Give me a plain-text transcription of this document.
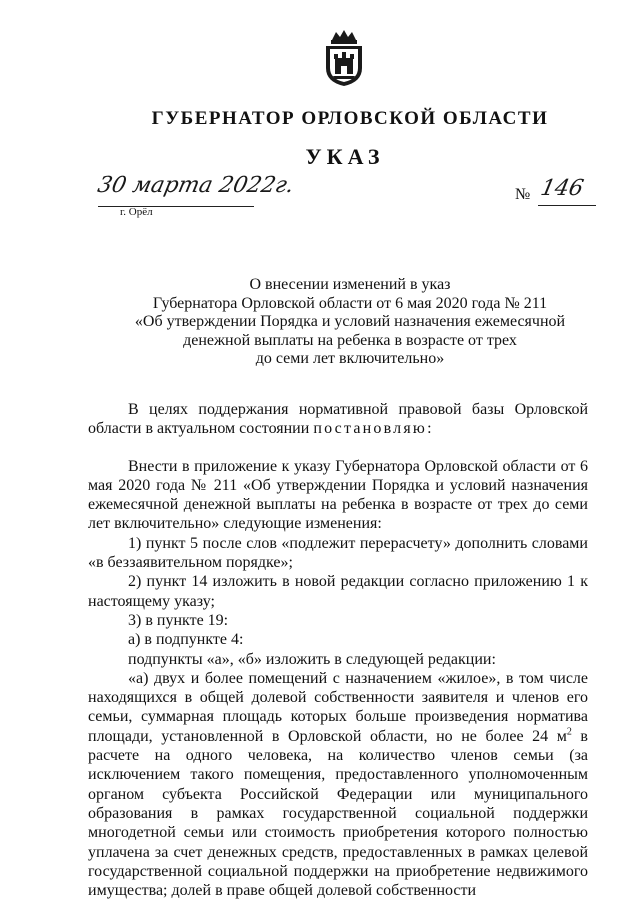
ГУБЕРНАТОР ОРЛОВСКОЙ ОБЛАСТИ
УКАЗ
30 марта 2022г.
г. Орёл
№ 146
О внесении изменений в указ
Губернатора Орловской области от 6 мая 2020 года № 211
«Об утверждении Порядка и условий назначения ежемесячной
денежной выплаты на ребенка в возрасте от трех
до семи лет включительно»

В целях поддержания нормативной правовой базы Орловской области в актуальном состоянии постановляю:

Внести в приложение к указу Губернатора Орловской области от 6 мая 2020 года № 211 «Об утверждении Порядка и условий назначения ежемесячной денежной выплаты на ребенка в возрасте от трех до семи лет включительно» следующие изменения:

1) пункт 5 после слов «подлежит перерасчету» дополнить словами «в беззаявительном порядке»;

2) пункт 14 изложить в новой редакции согласно приложению 1 к настоящему указу;

3) в пункте 19:

а) в подпункте 4:

подпункты «а», «б» изложить в следующей редакции:

«а) двух и более помещений с назначением «жилое», в том числе находящихся в общей долевой собственности заявителя и членов его семьи, суммарная площадь которых больше произведения норматива площади, установленной в Орловской области, но не более 24 $м^2$ в расчете на одного человека, на количество членов семьи (за исключением такого помещения, предоставленного уполномоченным органом субъекта Российской Федерации или муниципального образования в рамках государственной социальной поддержки многодетной семьи или стоимость приобретения которого полностью уплачена за счет денежных средств, предоставленных в рамках целевой государственной социальной поддержки на приобретение недвижимого имущества; долей в праве общей долевой собственности
